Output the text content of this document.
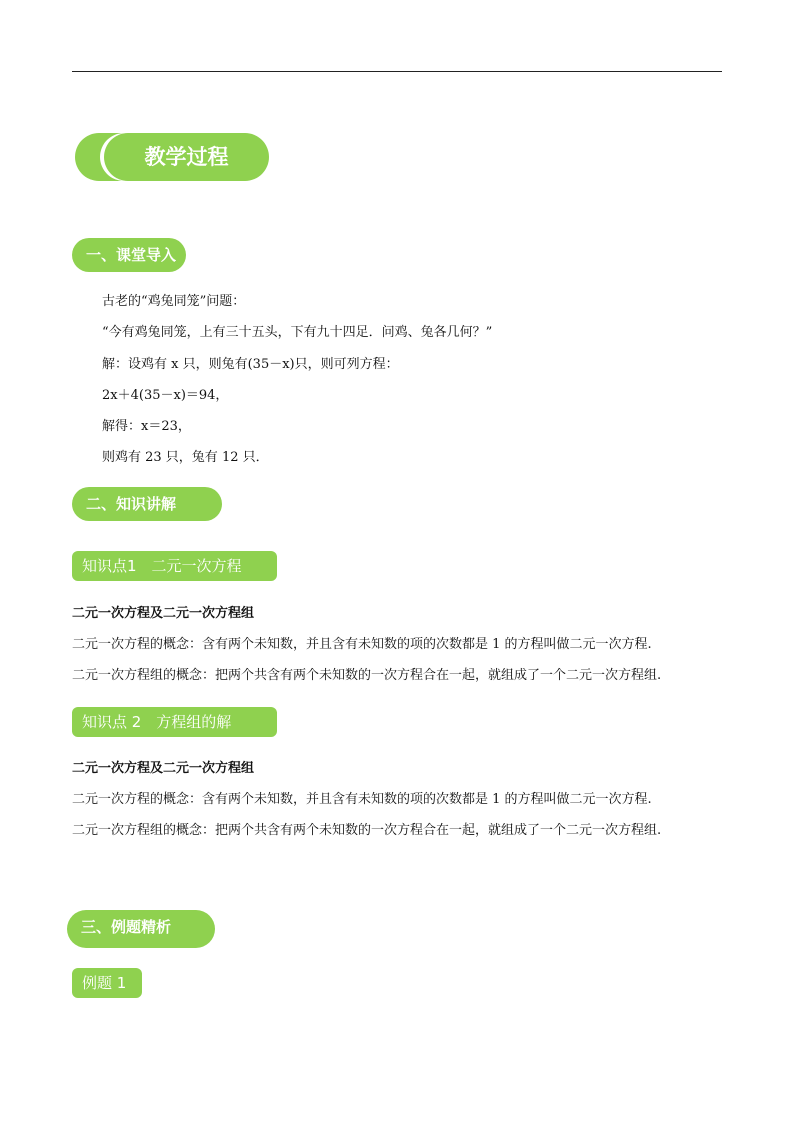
教学过程
一、课堂导入
古老的“鸡兔同笼”问题：
“今有鸡兔同笼，上有三十五头，下有九十四足．问鸡、兔各几何？”
解：设鸡有 x 只，则兔有(35－x)只，则可列方程：
2x＋4(35－x)＝94，
解得：x＝23，
则鸡有 23 只，兔有 12 只．
二、知识讲解
知识点1　二元一次方程
二元一次方程及二元一次方程组
二元一次方程的概念：含有两个未知数，并且含有未知数的项的次数都是 1 的方程叫做二元一次方程.
二元一次方程组的概念：把两个共含有两个未知数的一次方程合在一起，就组成了一个二元一次方程组.
知识点 2　方程组的解
二元一次方程及二元一次方程组
二元一次方程的概念：含有两个未知数，并且含有未知数的项的次数都是 1 的方程叫做二元一次方程.
二元一次方程组的概念：把两个共含有两个未知数的一次方程合在一起，就组成了一个二元一次方程组.
三、例题精析
例题 1
